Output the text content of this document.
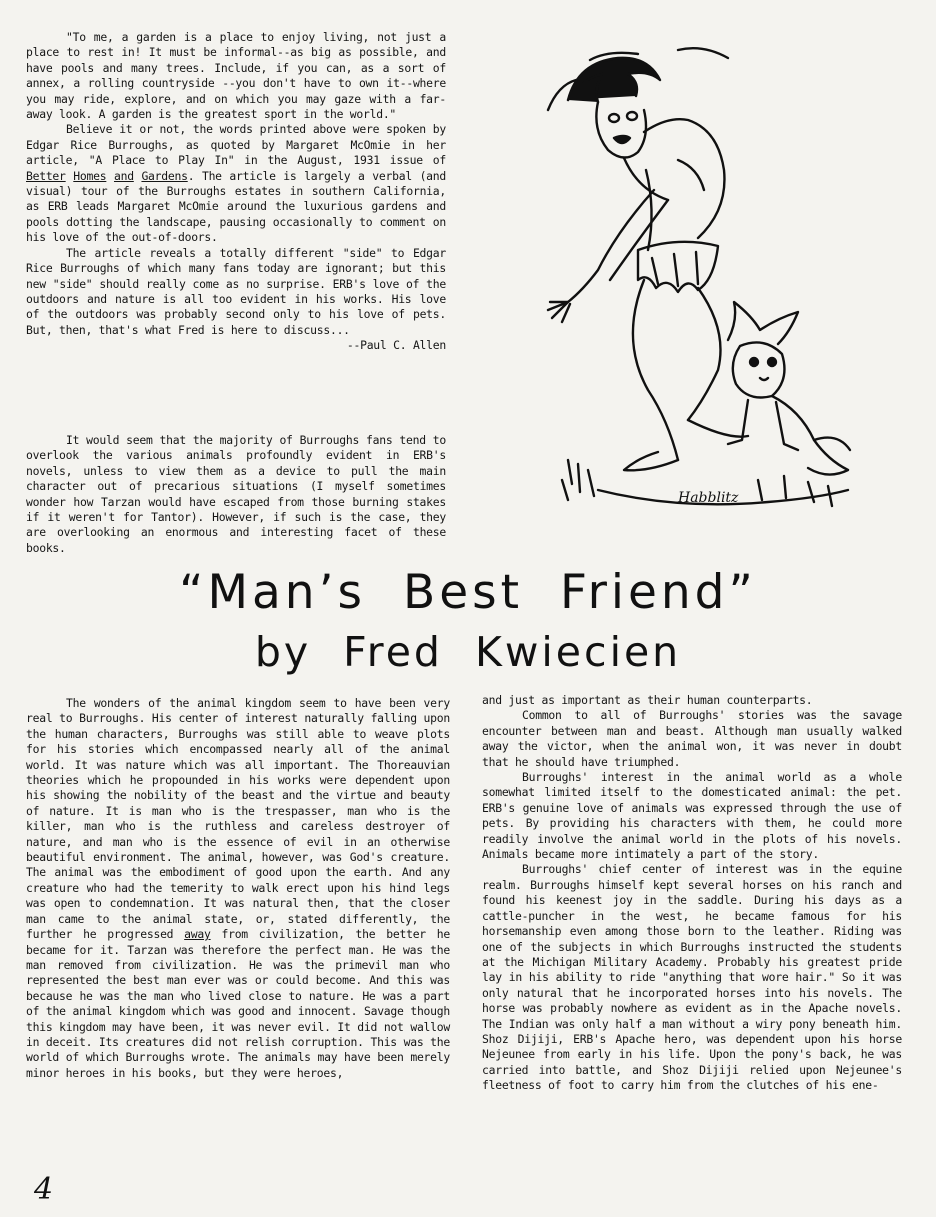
"To me, a garden is a place to enjoy living, not just a place to rest in! It must be informal--as big as possible, and have pools and many trees. Include, if you can, as a sort of annex, a rolling countryside --you don't have to own it--where you may ride, explore, and on which you may gaze with a far-away look. A garden is the greatest sport in the world."

Believe it or not, the words printed above were spoken by Edgar Rice Burroughs, as quoted by Margaret McOmie in her article, "A Place to Play In" in the August, 1931 issue of Better Homes and Gardens. The article is largely a verbal (and visual) tour of the Burroughs estates in southern California, as ERB leads Margaret McOmie around the luxurious gardens and pools dotting the landscape, pausing occasionally to comment on his love of the out-of-doors.

The article reveals a totally different "side" to Edgar Rice Burroughs of which many fans today are ignorant; but this new "side" should really come as no surprise. ERB's love of the outdoors and nature is all too evident in his works. His love of the outdoors was probably second only to his love of pets. But, then, that's what Fred is here to discuss...

--Paul C. Allen

It would seem that the majority of Burroughs fans tend to overlook the various animals profoundly evident in ERB's novels, unless to view them as a device to pull the main character out of precarious situations (I myself sometimes wonder how Tarzan would have escaped from those burning stakes if it weren't for Tantor). However, if such is the case, they are overlooking an enormous and interesting facet of these books.

Habblitz
“Man’s Best Friend”
by Fred Kwiecien

The wonders of the animal kingdom seem to have been very real to Burroughs. His center of interest naturally falling upon the human characters, Burroughs was still able to weave plots for his stories which encompassed nearly all of the animal world. It was nature which was all important. The Thoreauvian theories which he propounded in his works were dependent upon his showing the nobility of the beast and the virtue and beauty of nature. It is man who is the trespasser, man who is the killer, man who is the ruthless and careless destroyer of nature, and man who is the essence of evil in an otherwise beautiful environment. The animal, however, was God's creature. The animal was the embodiment of good upon the earth. And any creature who had the temerity to walk erect upon his hind legs was open to condemnation. It was natural then, that the closer man came to the animal state, or, stated differently, the further he progressed away from civilization, the better he became for it. Tarzan was therefore the perfect man. He was the man removed from civilization. He was the primevil man who represented the best man ever was or could become. And this was because he was the man who lived close to nature. He was a part of the animal kingdom which was good and innocent. Savage though this kingdom may have been, it was never evil. It did not wallow in deceit. Its creatures did not relish corruption. This was the world of which Burroughs wrote. The animals may have been merely minor heroes in his books, but they were heroes,

and just as important as their human counterparts.

Common to all of Burroughs' stories was the savage encounter between man and beast. Although man usually walked away the victor, when the animal won, it was never in doubt that he should have triumphed.

Burroughs' interest in the animal world as a whole somewhat limited itself to the domesticated animal: the pet. ERB's genuine love of animals was expressed through the use of pets. By providing his characters with them, he could more readily involve the animal world in the plots of his novels. Animals became more intimately a part of the story.

Burroughs' chief center of interest was in the equine realm. Burroughs himself kept several horses on his ranch and found his keenest joy in the saddle. During his days as a cattle-puncher in the west, he became famous for his horsemanship even among those born to the leather. Riding was one of the subjects in which Burroughs instructed the students at the Michigan Military Academy. Probably his greatest pride lay in his ability to ride "anything that wore hair." So it was only natural that he incorporated horses into his novels. The horse was probably nowhere as evident as in the Apache novels. The Indian was only half a man without a wiry pony beneath him. Shoz Dijiji, ERB's Apache hero, was dependent upon his horse Nejeunee from early in his life. Upon the pony's back, he was carried into battle, and Shoz Dijiji relied upon Nejeunee's fleetness of foot to carry him from the clutches of his ene-

4
